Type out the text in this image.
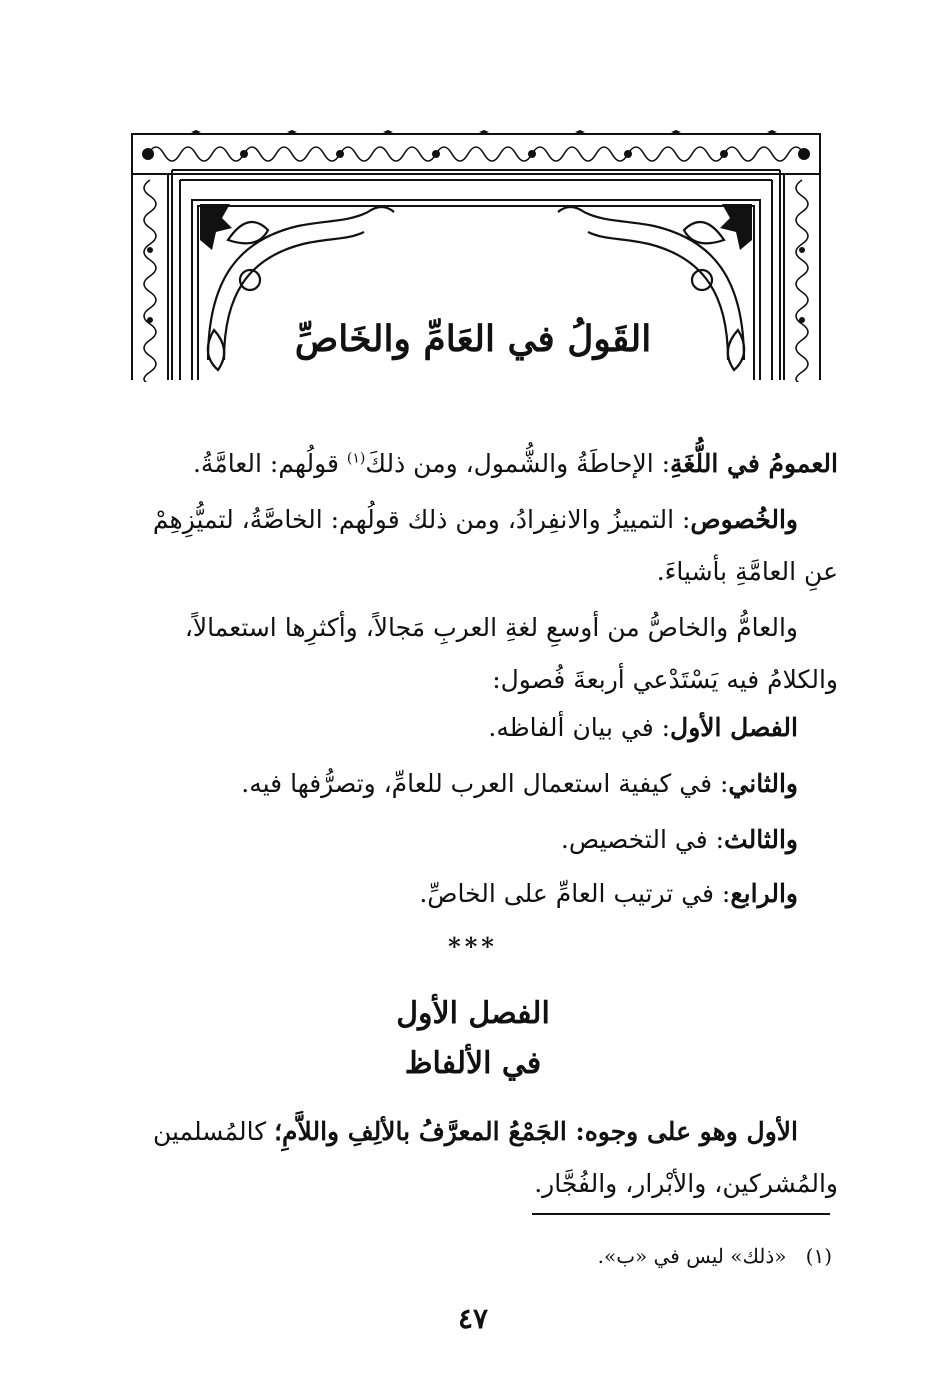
القَولُ في العَامِّ والخَاصِّ
العمومُ في اللُّغَةِ: الإحاطَةُ والشُّمول، ومن ذلكَ$^{(١)}$ قولُهم: العامَّةُ.
والخُصوص: التمييزُ والانفِرادُ، ومن ذلك قولُهم: الخاصَّةُ، لتميُّزِهِمْ
عنِ العامَّةِ بأشياءَ.
والعامُّ والخاصُّ من أوسعِ لغةِ العربِ مَجالاً، وأكثرِها استعمالاً،
والكلامُ فيه يَسْتَدْعي أربعةَ فُصول:
الفصل الأول: في بيان ألفاظه.
والثاني: في كيفية استعمال العرب للعامِّ، وتصرُّفها فيه.
والثالث: في التخصيص.
والرابع: في ترتيب العامِّ على الخاصِّ.
***
الفصل الأول
في الألفاظ
الأول وهو على وجوه: الجَمْعُ المعرَّفُ بالألِفِ واللاَّمِ؛ كالمُسلمين
والمُشركين، والأبْرار، والفُجَّار.
(١)   «ذلك» ليس في «ب».
٤٧
